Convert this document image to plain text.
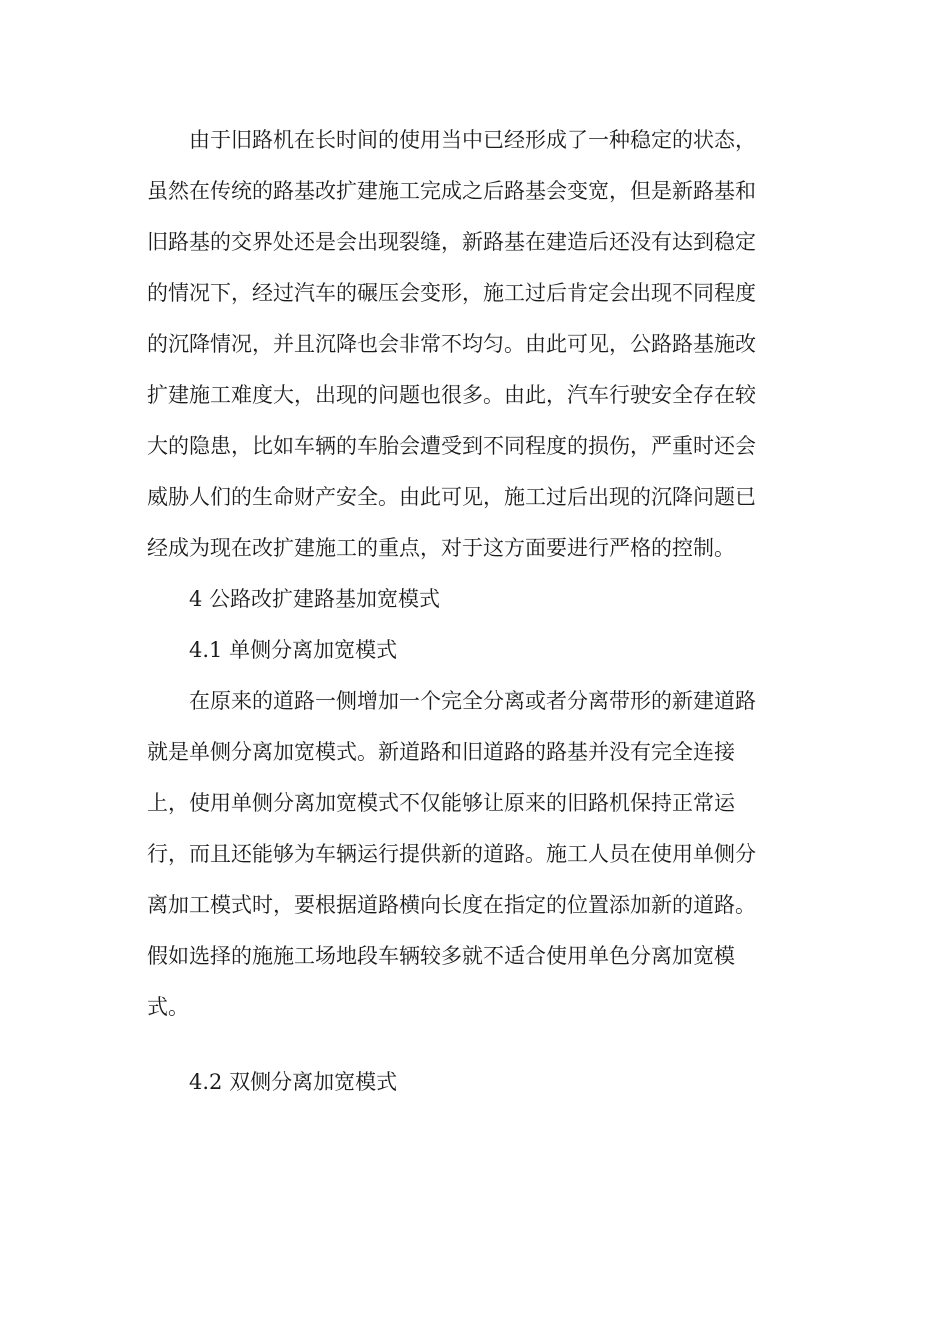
由于旧路机在长时间的使用当中已经形成了一种稳定的状态，
虽然在传统的路基改扩建施工完成之后路基会变宽，但是新路基和
旧路基的交界处还是会出现裂缝，新路基在建造后还没有达到稳定
的情况下，经过汽车的碾压会变形，施工过后肯定会出现不同程度
的沉降情况，并且沉降也会非常不均匀。由此可见，公路路基施改
扩建施工难度大，出现的问题也很多。由此，汽车行驶安全存在较
大的隐患，比如车辆的车胎会遭受到不同程度的损伤，严重时还会
威胁人们的生命财产安全。由此可见，施工过后出现的沉降问题已
经成为现在改扩建施工的重点，对于这方面要进行严格的控制。
4 公路改扩建路基加宽模式
4.1 单侧分离加宽模式
在原来的道路一侧增加一个完全分离或者分离带形的新建道路
就是单侧分离加宽模式。新道路和旧道路的路基并没有完全连接
上，使用单侧分离加宽模式不仅能够让原来的旧路机保持正常运
行，而且还能够为车辆运行提供新的道路。施工人员在使用单侧分
离加工模式时，要根据道路横向长度在指定的位置添加新的道路。
假如选择的施施工场地段车辆较多就不适合使用单色分离加宽模
式。
4.2 双侧分离加宽模式
